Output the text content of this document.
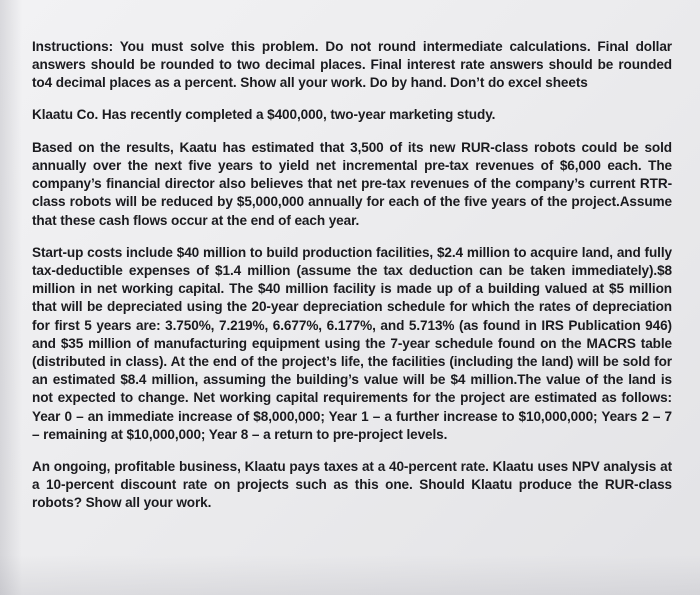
Instructions: You must solve this problem. Do not round intermediate calculations. Final dollar answers should be rounded to two decimal places. Final interest rate answers should be rounded to4 decimal places as a percent. Show all your work. Do by hand. Don’t do excel sheets

Klaatu Co. Has recently completed a $400,000, two-year marketing study.

Based on the results, Kaatu has estimated that 3,500 of its new RUR-class robots could be sold annually over the next five years to yield net incremental pre-tax revenues of $6,000 each. The company’s financial director also believes that net pre-tax revenues of the company’s current RTR-class robots will be reduced by $5,000,000 annually for each of the five years of the project.Assume that these cash flows occur at the end of each year.

Start-up costs include $40 million to build production facilities, $2.4 million to acquire land, and fully tax-deductible expenses of $1.4 million (assume the tax deduction can be taken immediately).$8 million in net working capital. The $40 million facility is made up of a building valued at $5 million that will be depreciated using the 20-year depreciation schedule for which the rates of depreciation for first 5 years are: 3.750%, 7.219%, 6.677%, 6.177%, and 5.713% (as found in IRS Publication 946) and $35 million of manufacturing equipment using the 7-year schedule found on the MACRS table (distributed in class). At the end of the project’s life, the facilities (including the land) will be sold for an estimated $8.4 million, assuming the building’s value will be $4 million.The value of the land is not expected to change. Net working capital requirements for the project are estimated as follows: Year 0 – an immediate increase of $8,000,000; Year 1 – a further increase to $10,000,000; Years 2 – 7 – remaining at $10,000,000; Year 8 – a return to pre-project levels.

An ongoing, profitable business, Klaatu pays taxes at a 40-percent rate. Klaatu uses NPV analysis at a 10-percent discount rate on projects such as this one. Should Klaatu produce the RUR-class robots? Show all your work.
